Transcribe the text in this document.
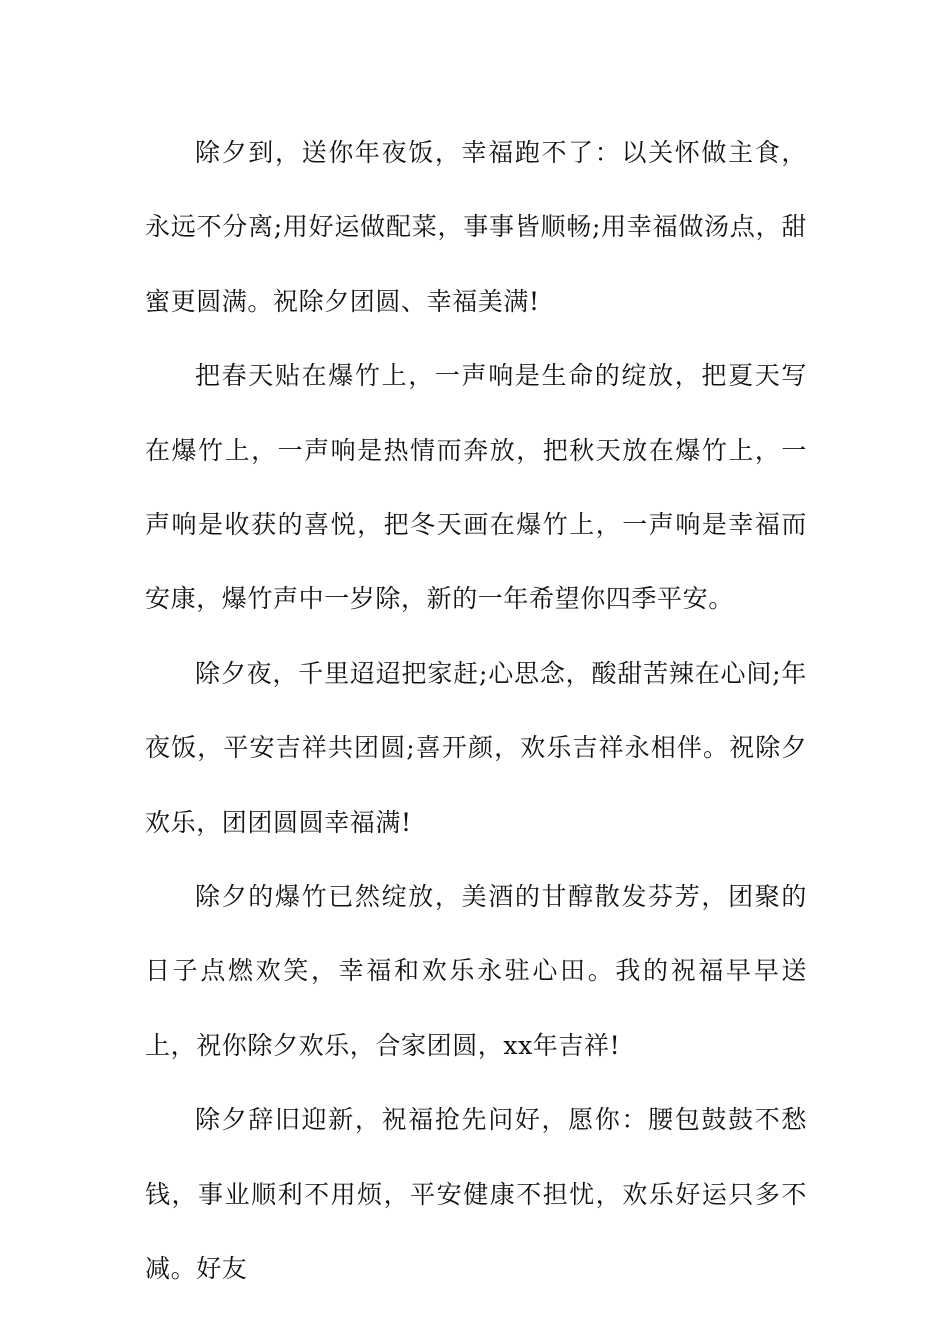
除夕到，送你年夜饭，幸福跑不了：以关怀做主食，永远不分离;用好运做配菜，事事皆顺畅;用幸福做汤点，甜蜜更圆满。祝除夕团圆、幸福美满!

把春天贴在爆竹上，一声响是生命的绽放，把夏天写在爆竹上，一声响是热情而奔放，把秋天放在爆竹上，一声响是收获的喜悦，把冬天画在爆竹上，一声响是幸福而安康，爆竹声中一岁除，新的一年希望你四季平安。

除夕夜，千里迢迢把家赶;心思念，酸甜苦辣在心间;年夜饭，平安吉祥共团圆;喜开颜，欢乐吉祥永相伴。祝除夕欢乐，团团圆圆幸福满!

除夕的爆竹已然绽放，美酒的甘醇散发芬芳，团聚的日子点燃欢笑，幸福和欢乐永驻心田。我的祝福早早送上，祝你除夕欢乐，合家团圆，xx年吉祥!

除夕辞旧迎新，祝福抢先问好，愿你：腰包鼓鼓不愁钱，事业顺利不用烦，平安健康不担忧，欢乐好运只多不减。好友
